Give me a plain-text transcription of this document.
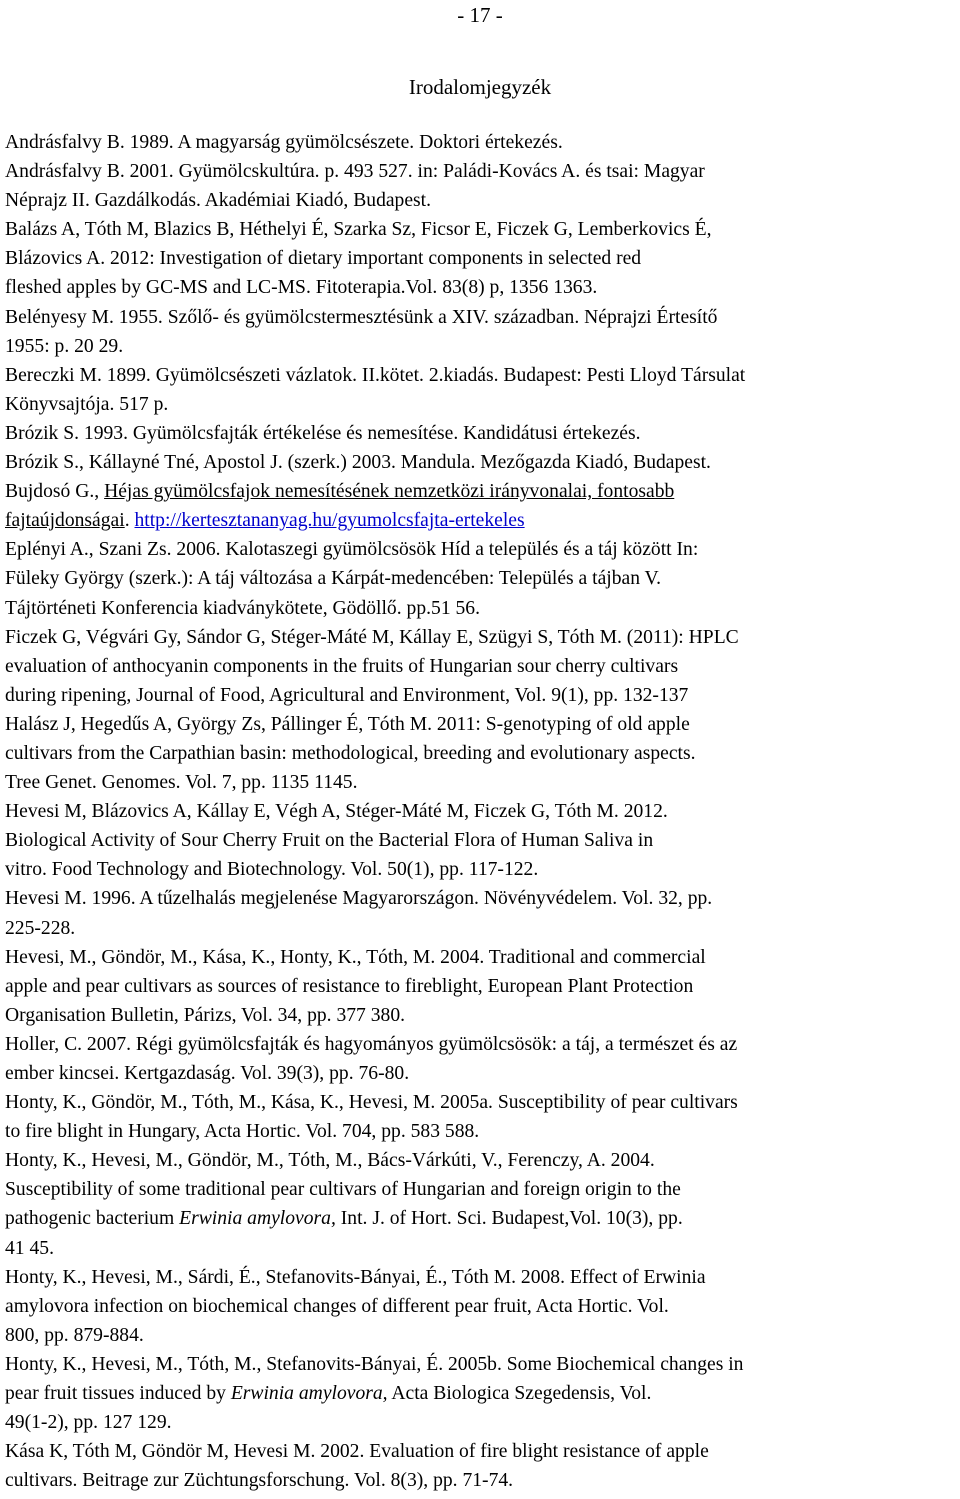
- 17 -
Irodalomjegyzék

Andrásfalvy B. 1989. A magyarság gyümölcsészete. Doktori értekezés.

Andrásfalvy B. 2001. Gyümölcskultúra. p. 493 527. in: Paládi-Kovács A. és tsai: Magyar
Néprajz II. Gazdálkodás. Akadémiai Kiadó, Budapest.

Balázs A, Tóth M, Blazics B, Héthelyi É, Szarka Sz, Ficsor E, Ficzek G, Lemberkovics É,
Blázovics A. 2012: Investigation of dietary important components in selected red
fleshed apples by GC-MS and LC-MS. Fitoterapia.Vol. 83(8) p, 1356 1363.

Belényesy M. 1955. Szőlő- és gyümölcstermesztésünk a XIV. században. Néprajzi Értesítő
1955: p. 20 29.

Bereczki M. 1899. Gyümölcsészeti vázlatok. II.kötet. 2.kiadás. Budapest: Pesti Lloyd Társulat
Könyvsajtója. 517 p.

Brózik S. 1993. Gyümölcsfajták értékelése és nemesítése. Kandidátusi értekezés.

Brózik S., Kállayné Tné, Apostol J. (szerk.) 2003. Mandula. Mezőgazda Kiadó, Budapest.

Bujdosó G., Héjas gyümölcsfajok nemesítésének nemzetközi irányvonalai, fontosabb
fajtaújdonságai. http://kertesztananyag.hu/gyumolcsfajta-ertekeles

Eplényi A., Szani Zs. 2006. Kalotaszegi gyümölcsösök Híd a település és a táj között In:
Füleky György (szerk.): A táj változása a Kárpát-medencében: Település a tájban V.
Tájtörténeti Konferencia kiadványkötete, Gödöllő. pp.51 56.

Ficzek G, Végvári Gy, Sándor G, Stéger-Máté M, Kállay E, Szügyi S, Tóth M. (2011): HPLC
evaluation of anthocyanin components in the fruits of Hungarian sour cherry cultivars
during ripening, Journal of Food, Agricultural and Environment, Vol. 9(1), pp. 132-137

Halász J, Hegedűs A, György Zs, Pállinger É, Tóth M. 2011: S-genotyping of old apple
cultivars from the Carpathian basin: methodological, breeding and evolutionary aspects.
Tree Genet. Genomes. Vol. 7, pp. 1135 1145.

Hevesi M, Blázovics A, Kállay E, Végh A, Stéger-Máté M, Ficzek G, Tóth M. 2012.
Biological Activity of Sour Cherry Fruit on the Bacterial Flora of Human Saliva in
vitro. Food Technology and Biotechnology. Vol. 50(1), pp. 117-122.

Hevesi M. 1996. A tűzelhalás megjelenése Magyarországon. Növényvédelem. Vol. 32, pp.
225-228.

Hevesi, M., Göndör, M., Kása, K., Honty, K., Tóth, M. 2004. Traditional and commercial
apple and pear cultivars as sources of resistance to fireblight, European Plant Protection
Organisation Bulletin, Párizs, Vol. 34, pp. 377 380.

Holler, C. 2007. Régi gyümölcsfajták és hagyományos gyümölcsösök: a táj, a természet és az
ember kincsei. Kertgazdaság. Vol. 39(3), pp. 76-80.

Honty, K., Göndör, M., Tóth, M., Kása, K., Hevesi, M. 2005a. Susceptibility of pear cultivars
to fire blight in Hungary, Acta Hortic. Vol. 704, pp. 583 588.

Honty, K., Hevesi, M., Göndör, M., Tóth, M., Bács-Várkúti, V., Ferenczy, A. 2004.
Susceptibility of some traditional pear cultivars of Hungarian and foreign origin to the
pathogenic bacterium Erwinia amylovora, Int. J. of Hort. Sci. Budapest,Vol. 10(3), pp.
41 45.

Honty, K., Hevesi, M., Sárdi, É., Stefanovits-Bányai, É., Tóth M. 2008. Effect of Erwinia
amylovora infection on biochemical changes of different pear fruit, Acta Hortic. Vol.
800, pp. 879-884.

Honty, K., Hevesi, M., Tóth, M., Stefanovits-Bányai, É. 2005b. Some Biochemical changes in
pear fruit tissues induced by Erwinia amylovora, Acta Biologica Szegedensis, Vol.
49(1-2), pp. 127 129.

Kása K, Tóth M, Göndör M, Hevesi M. 2002. Evaluation of fire blight resistance of apple
cultivars. Beitrage zur Züchtungsforschung. Vol. 8(3), pp. 71-74.
